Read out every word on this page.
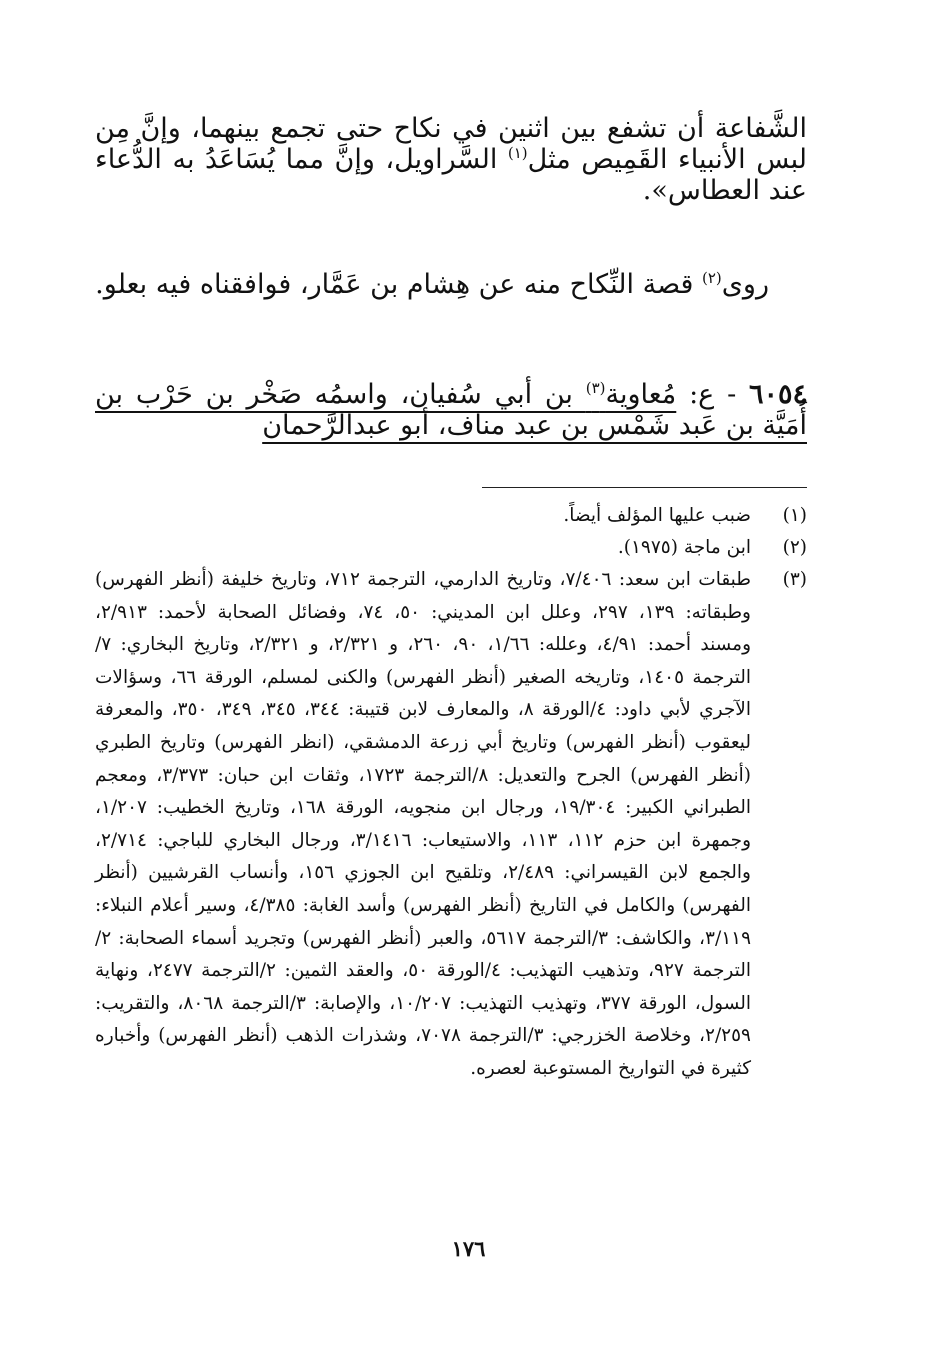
الشَّفاعة أن تشفع بين اثنين في نكاح حتى تجمع بينهما، وإنَّ مِن لبس الأنبياء القَمِيص مثل$^{(١)}$ السَّراويل، وإنَّ مما يُسَاعَدُ به الدُّعاء عند العطاس».

روى$^{(٢)}$ قصة النِّكاح منه عن هِشام بن عَمَّار، فوافقناه فيه بعلو.

٦٠٥٤ - ع: مُعاوية$^{(٣)}$ بن أبي سُفيان، واسمُه صَخْر بن حَرْب بن أُمَيَّة بن عَبد شَمْس بن عبد مناف، أبو عبدالرَّحمان

(١)
ضبب عليها المؤلف أيضاً.
(٢)
ابن ماجة (١٩٧٥).
(٣)
طبقات ابن سعد: ٧/٤٠٦، وتاريخ الدارمي، الترجمة ٧١٢، وتاريخ خليفة (أنظر الفهرس) وطبقاته: ١٣٩، ٢٩٧، وعلل ابن المديني: ٥٠، ٧٤، وفضائل الصحابة لأحمد: ٢/٩١٣، ومسند أحمد: ٤/٩١، وعلله: ١/٦٦، ٩٠، ٢٦٠، و ٢/٣٢١، و ٢/٣٢١، وتاريخ البخاري: ٧/الترجمة ١٤٠٥، وتاريخه الصغير (أنظر الفهرس) والكنى لمسلم، الورقة ٦٦، وسؤالات الآجري لأبي داود: ٤/الورقة ٨، والمعارف لابن قتيبة: ٣٤٤، ٣٤٥، ٣٤٩، ٣٥٠، والمعرفة ليعقوب (أنظر الفهرس) وتاريخ أبي زرعة الدمشقي، (انظر الفهرس) وتاريخ الطبري (أنظر الفهرس) الجرح والتعديل: ٨/الترجمة ١٧٢٣، وثقات ابن حبان: ٣/٣٧٣، ومعجم الطبراني الكبير: ١٩/٣٠٤، ورجال ابن منجويه، الورقة ١٦٨، وتاريخ الخطيب: ١/٢٠٧، وجمهرة ابن حزم ١١٢، ١١٣، والاستيعاب: ٣/١٤١٦، ورجال البخاري للباجي: ٢/٧١٤، والجمع لابن القيسراني: ٢/٤٨٩، وتلقيح ابن الجوزي ١٥٦، وأنساب القرشيين (أنظر الفهرس) والكامل في التاريخ (أنظر الفهرس) وأسد الغابة: ٤/٣٨٥، وسير أعلام النبلاء: ٣/١١٩، والكاشف: ٣/الترجمة ٥٦١٧، والعبر (أنظر الفهرس) وتجريد أسماء الصحابة: ٢/الترجمة ٩٢٧، وتذهيب التهذيب: ٤/الورقة ٥٠، والعقد الثمين: ٢/الترجمة ٢٤٧٧، ونهاية السول، الورقة ٣٧٧، وتهذيب التهذيب: ١٠/٢٠٧، والإصابة: ٣/الترجمة ٨٠٦٨، والتقريب: ٢/٢٥٩، وخلاصة الخزرجي: ٣/الترجمة ٧٠٧٨، وشذرات الذهب (أنظر الفهرس) وأخباره كثيرة في التواريخ المستوعبة لعصره.
١٧٦
